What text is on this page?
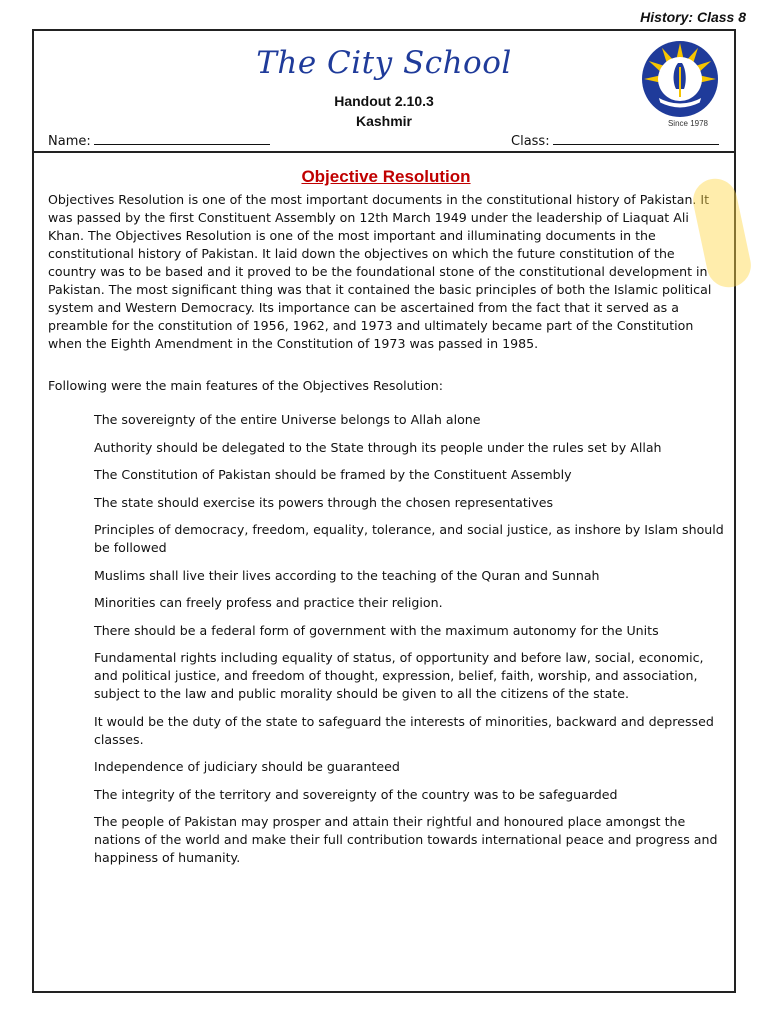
History: Class 8
The City School
Handout 2.10.3
Kashmir
Name:	Class:
Since 1978
Objective Resolution

Objectives Resolution is one of the most important documents in the constitutional history of Pakistan. It was passed by the first Constituent Assembly on 12th March 1949 under the leadership of Liaquat Ali Khan. The Objectives Resolution is one of the most important and illuminating documents in the constitutional history of Pakistan. It laid down the objectives on which the future constitution of the country was to be based and it proved to be the foundational stone of the constitutional development in Pakistan. The most significant thing was that it contained the basic principles of both the Islamic political system and Western Democracy. Its importance can be ascertained from the fact that it served as a preamble for the constitution of 1956, 1962, and 1973 and ultimately became part of the Constitution when the Eighth Amendment in the Constitution of 1973 was passed in 1985.

Following were the main features of the Objectives Resolution:

The sovereignty of the entire Universe belongs to Allah alone
Authority should be delegated to the State through its people under the rules set by Allah
The Constitution of Pakistan should be framed by the Constituent Assembly
The state should exercise its powers through the chosen representatives
Principles of democracy, freedom, equality, tolerance, and social justice, as inshore by Islam should be followed
Muslims shall live their lives according to the teaching of the Quran and Sunnah
Minorities can freely profess and practice their religion.
There should be a federal form of government with the maximum autonomy for the Units
Fundamental rights including equality of status, of opportunity and before law, social, economic, and political justice, and freedom of thought, expression, belief, faith, worship, and association, subject to the law and public morality should be given to all the citizens of the state.
It would be the duty of the state to safeguard the interests of minorities, backward and depressed classes.
Independence of judiciary should be guaranteed
The integrity of the territory and sovereignty of the country was to be safeguarded
The people of Pakistan may prosper and attain their rightful and honoured place amongst the nations of the world and make their full contribution towards international peace and progress and happiness of humanity.
